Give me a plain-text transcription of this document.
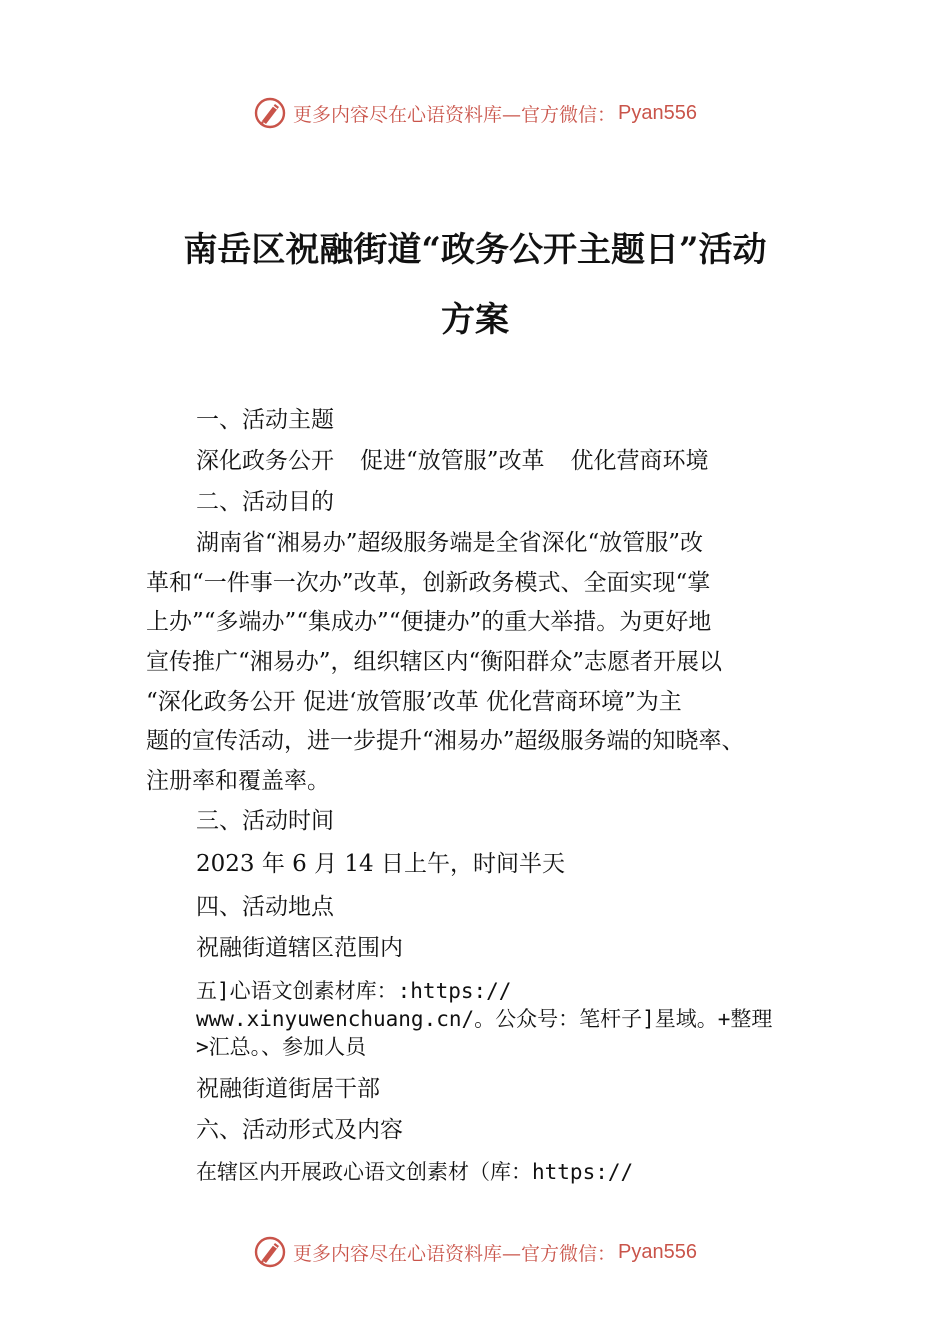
更多内容尽在心语资料库—官方微信： Pyan556
南岳区祝融街道“政务公开主题日”活动
方案
一、活动主题
深化政务公开 促进“放管服”改革 优化营商环境
二、活动目的
湖南省“湘易办”超级服务端是全省深化“放管服”改
革和“一件事一次办”改革，创新政务模式、全面实现“掌
上办”“多端办”“集成办”“便捷办”的重大举措。为更好地
宣传推广“湘易办”，组织辖区内“衡阳群众”志愿者开展以
“深化政务公开 促进‘放管服’改革 优化营商环境”为主
题的宣传活动，进一步提升“湘易办”超级服务端的知晓率、
注册率和覆盖率。
三、活动时间
2023 年 6 月 14 日上午，时间半天
四、活动地点
祝融街道辖区范围内
五]心语文创素材库：:https://
www.xinyuwenchuang.cn/。公众号：笔杆子]星域。+整理
>汇总。、参加人员
祝融街道街居干部
六、活动形式及内容
在辖区内开展政心语文创素材（库：https://
更多内容尽在心语资料库—官方微信： Pyan556
